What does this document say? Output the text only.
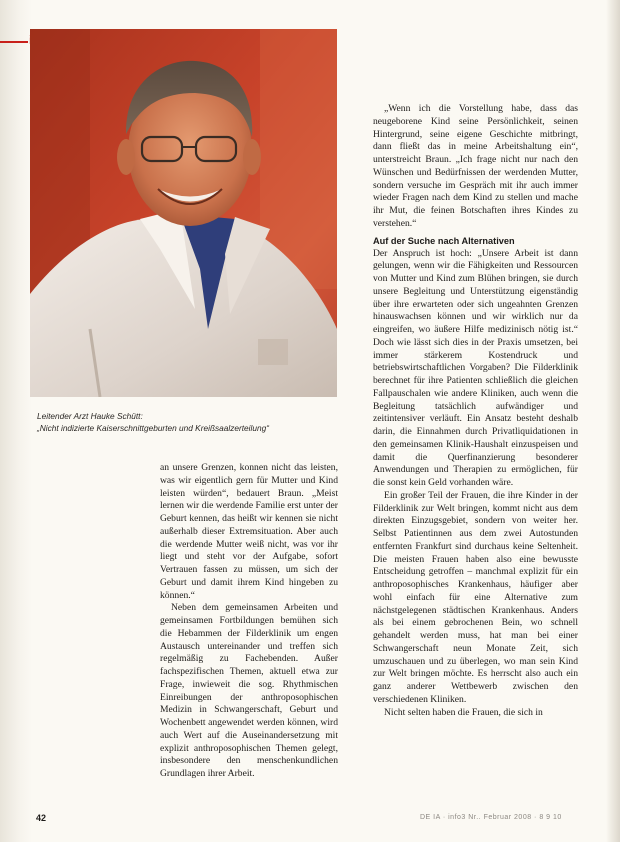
Leitender Arzt Hauke Schütt:
„Nicht indizierte Kaiserschnittgeburten und Kreißsaalzerteilung“

an unsere Grenzen, konnen nicht das leisten, was wir eigentlich gern für Mutter und Kind leisten würden“, bedauert Braun. „Meist lernen wir die werdende Familie erst unter der Geburt kennen, das heißt wir kennen sie nicht außerhalb dieser Extremsituation. Aber auch die werdende Mutter weiß nicht, was vor ihr liegt und steht vor der Aufgabe, sofort Vertrauen fassen zu müssen, um sich der Geburt und damit ihrem Kind hingeben zu können.“

Neben dem gemeinsamen Arbeiten und gemeinsamen Fortbildungen bemühen sich die Hebammen der Filderklinik um engen Austausch untereinander und treffen sich regelmäßig zu Fachebenden. Außer fachspezifischen Themen, aktuell etwa zur Frage, inwieweit die sog. Rhythmischen Einreibungen der anthroposophischen Medizin in Schwangerschaft, Geburt und Wochenbett angewendet werden können, wird auch Wert auf die Auseinandersetzung mit explizit anthroposophischen Themen gelegt, insbesondere den menschenkundlichen Grundlagen ihrer Arbeit.

„Wenn ich die Vorstellung habe, dass das neugeborene Kind seine Persönlichkeit, seinen Hintergrund, seine eigene Geschichte mitbringt, dann fließt das in meine Arbeitshaltung ein“, unterstreicht Braun. „Ich frage nicht nur nach den Wünschen und Bedürfnissen der werdenden Mutter, sondern versuche im Gespräch mit ihr auch immer wieder Fragen nach dem Kind zu stellen und mache ihr Mut, die feinen Botschaften ihres Kindes zu verstehen.“

Auf der Suche nach Alternativen

Der Anspruch ist hoch: „Unsere Arbeit ist dann gelungen, wenn wir die Fähigkeiten und Ressourcen von Mutter und Kind zum Blühen bringen, sie durch unsere Begleitung und Unterstützung eigenständig über ihre erwarteten oder sich ungeahnten Grenzen hinauswachsen können und wir wirklich nur da eingreifen, wo äußere Hilfe medizinisch nötig ist.“ Doch wie lässt sich dies in der Praxis umsetzen, bei immer stärkerem Kostendruck und betriebswirtschaftlichen Vorgaben? Die Filderklinik berechnet für ihre Patienten schließlich die gleichen Fallpauschalen wie andere Kliniken, auch wenn die Begleitung tatsächlich aufwändiger und zeitintensiver verläuft. Ein Ansatz besteht deshalb darin, die Einnahmen durch Privatliquidationen in den gemeinsamen Klinik-Haushalt einzuspeisen und damit die Querfinanzierung besonderer Anwendungen und Therapien zu ermöglichen, für die sonst kein Geld vorhanden wäre.

Ein großer Teil der Frauen, die ihre Kinder in der Filderklinik zur Welt bringen, kommt nicht aus dem direkten Einzugsgebiet, sondern von weiter her. Selbst Patientinnen aus dem zwei Autostunden entfernten Frankfurt sind durchaus keine Seltenheit. Die meisten Frauen haben also eine bewusste Entscheidung getroffen – manchmal explizit für ein anthroposophisches Krankenhaus, häufiger aber wohl einfach für eine Alternative zum nächstgelegenen städtischen Krankenhaus. Anders als bei einem gebrochenen Bein, wo schnell gehandelt werden muss, hat man bei einer Schwangerschaft neun Monate Zeit, sich umzuschauen und zu überlegen, wo man sein Kind zur Welt bringen möchte. Es herrscht also auch ein ganz anderer Wettbewerb zwischen den verschiedenen Kliniken.

Nicht selten haben die Frauen, die sich in

42	DE IA · info3 Nr.. Februar 2008 · 8 9 10
